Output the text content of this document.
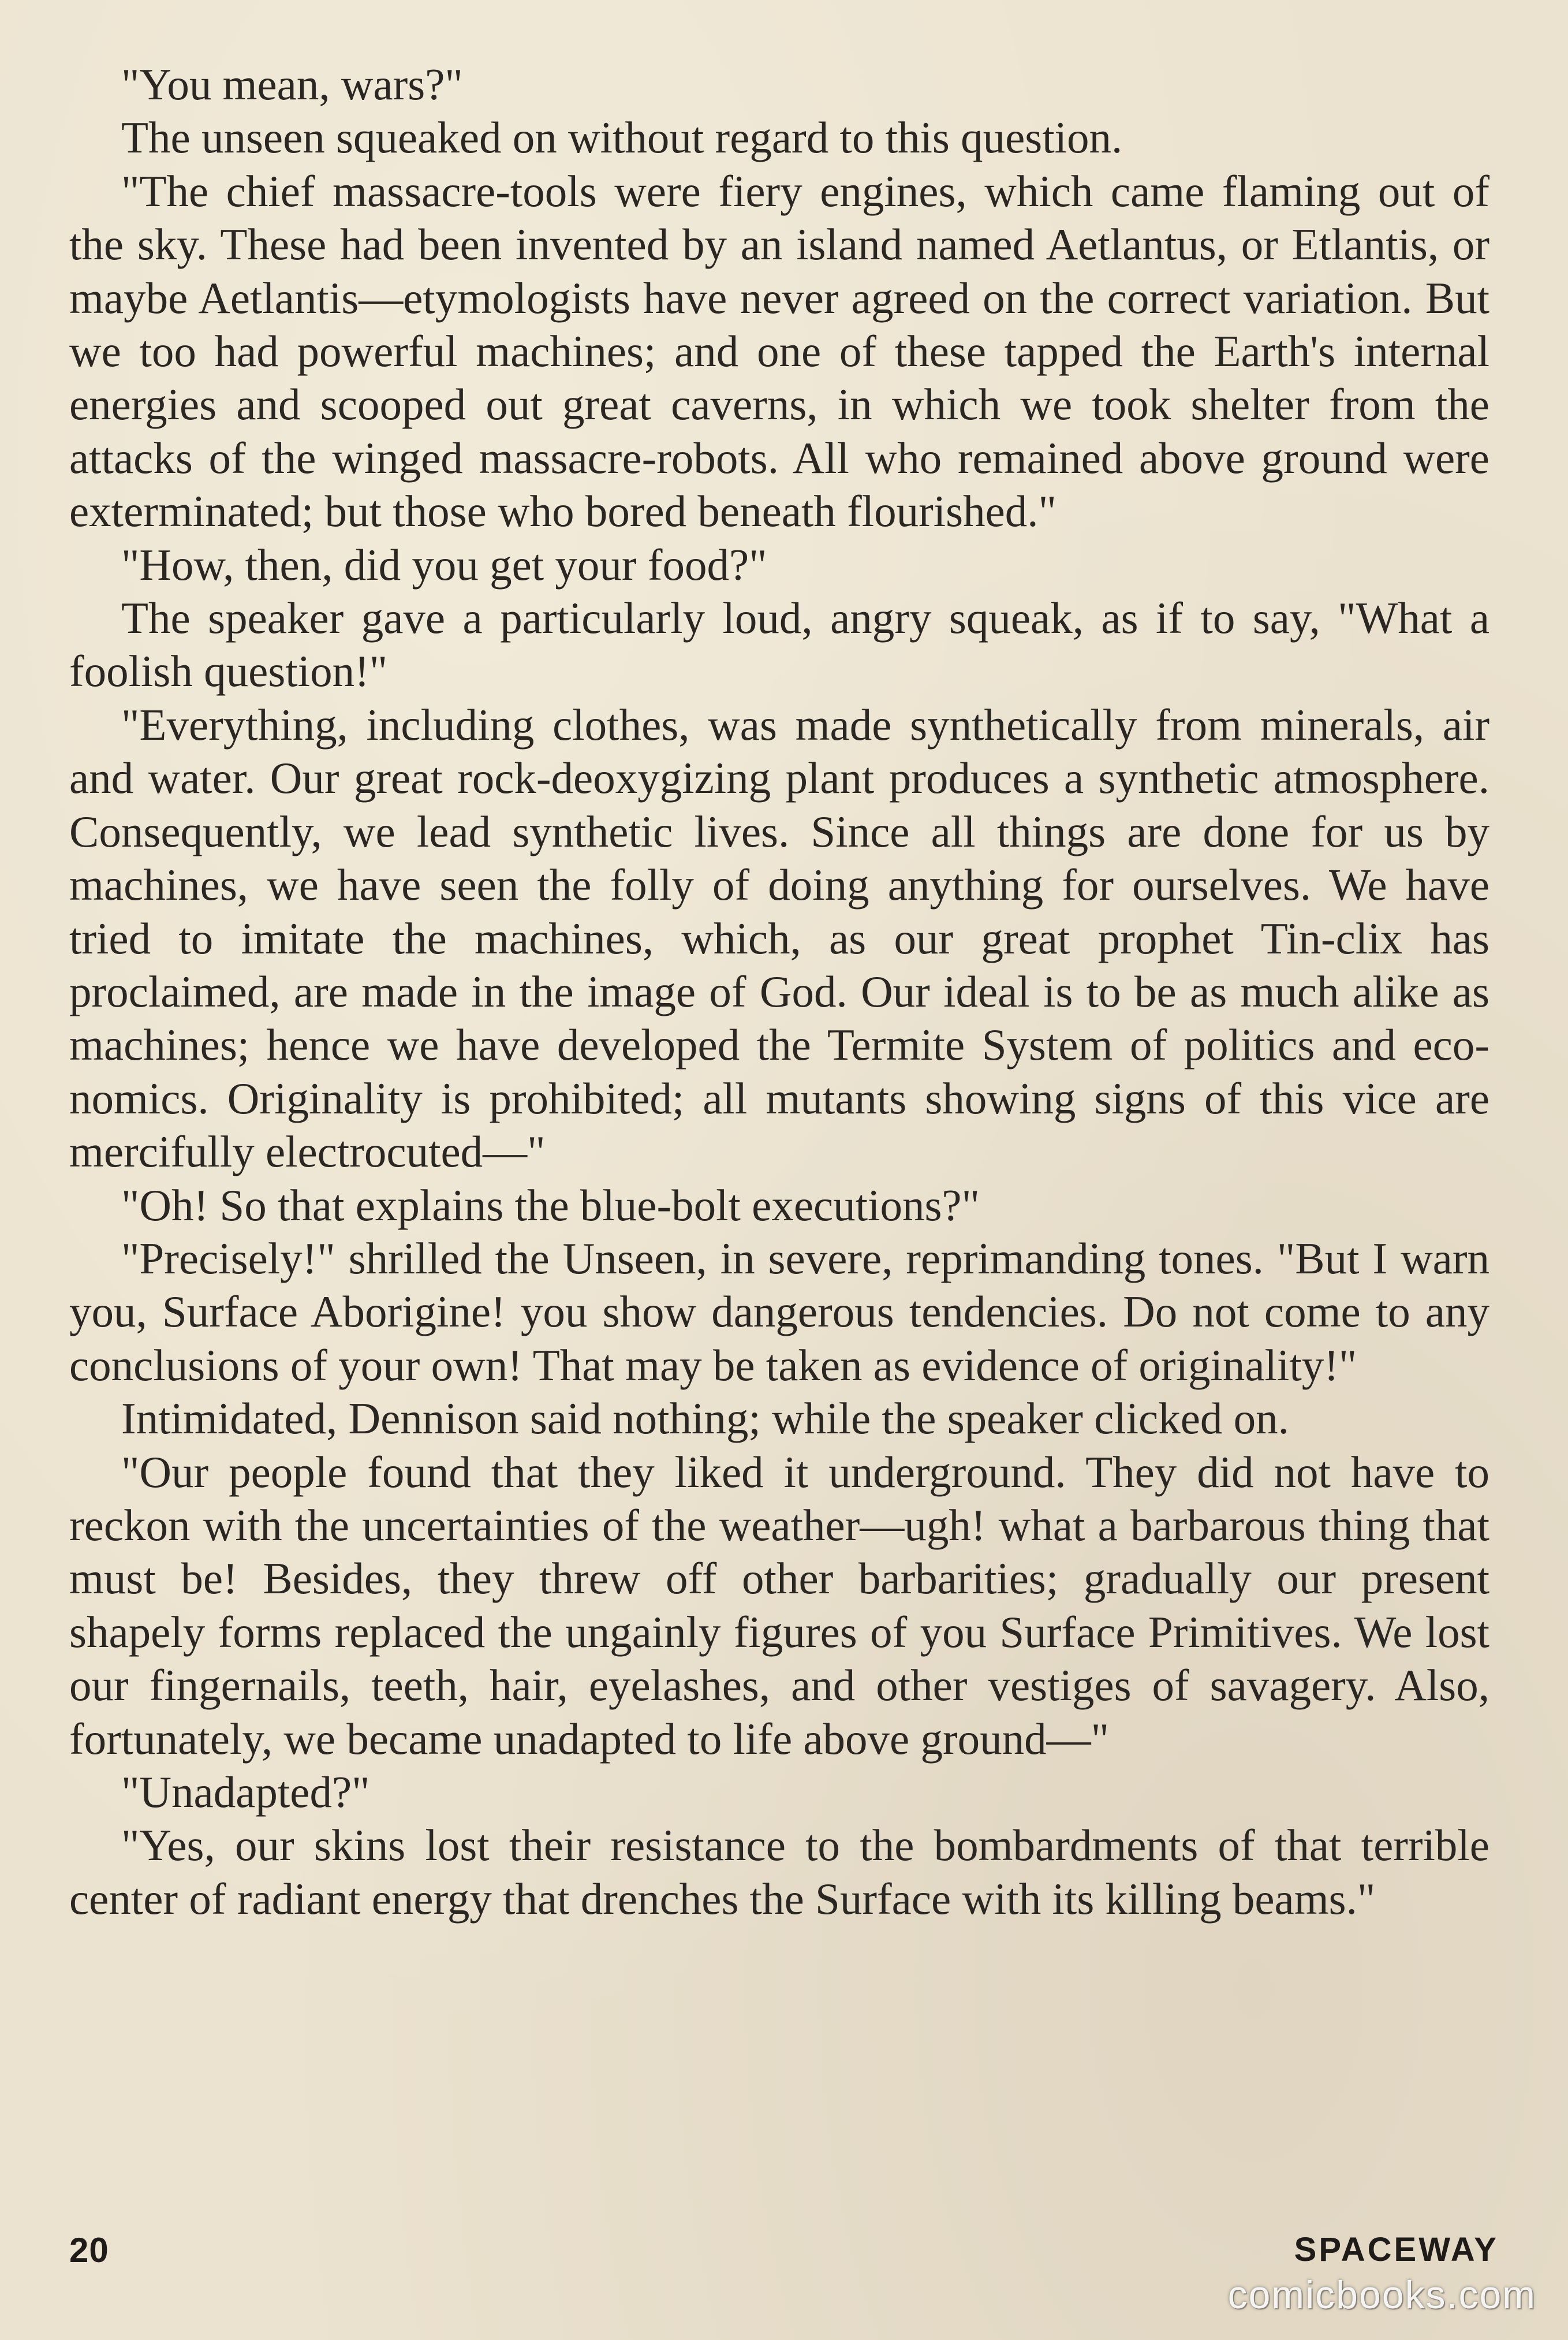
"You mean, wars?"

The unseen squeaked on without regard to this question.

"The chief massacre-tools were fiery engines, which came flaming out of the sky. These had been invented by an island named Aetlantus, or Etlantis, or maybe Aetlantis—etymologists have never agreed on the correct variation. But we too had powerful machines; and one of these tapped the Earth's internal energies and scooped out great caverns, in which we took shelter from the attacks of the winged massacre-robots. All who remained above ground were exterminated; but those who bored beneath flourished."

"How, then, did you get your food?"

The speaker gave a particularly loud, angry squeak, as if to say, "What a foolish question!"

"Everything, including clothes, was made synthetically from minerals, air and water. Our great rock-deoxygizing plant produces a synthetic atmosphere. Consequently, we lead synthetic lives. Since all things are done for us by machines, we have seen the folly of doing anything for ourselves. We have tried to imitate the machines, which, as our great prophet Tin-clix has proclaimed, are made in the image of God. Our ideal is to be as much alike as machines; hence we have developed the Termite System of politics and economics. Originality is prohibited; all mutants showing signs of this vice are mercifully electrocuted—"

"Oh! So that explains the blue-bolt executions?"

"Precisely!" shrilled the Unseen, in severe, reprimanding tones. "But I warn you, Surface Aborigine! you show dangerous tendencies. Do not come to any conclusions of your own! That may be taken as evidence of originality!"

Intimidated, Dennison said nothing; while the speaker clicked on.

"Our people found that they liked it underground. They did not have to reckon with the uncertainties of the weather—ugh! what a barbarous thing that must be! Besides, they threw off other barbarities; gradually our present shapely forms replaced the ungainly figures of you Surface Primitives. We lost our fingernails, teeth, hair, eyelashes, and other vestiges of savagery. Also, fortunately, we became unadapted to life above ground—"

"Unadapted?"

"Yes, our skins lost their resistance to the bombardments of that terrible center of radiant energy that drenches the Surface with its killing beams."

20	SPACEWAY
comicbooks.com
